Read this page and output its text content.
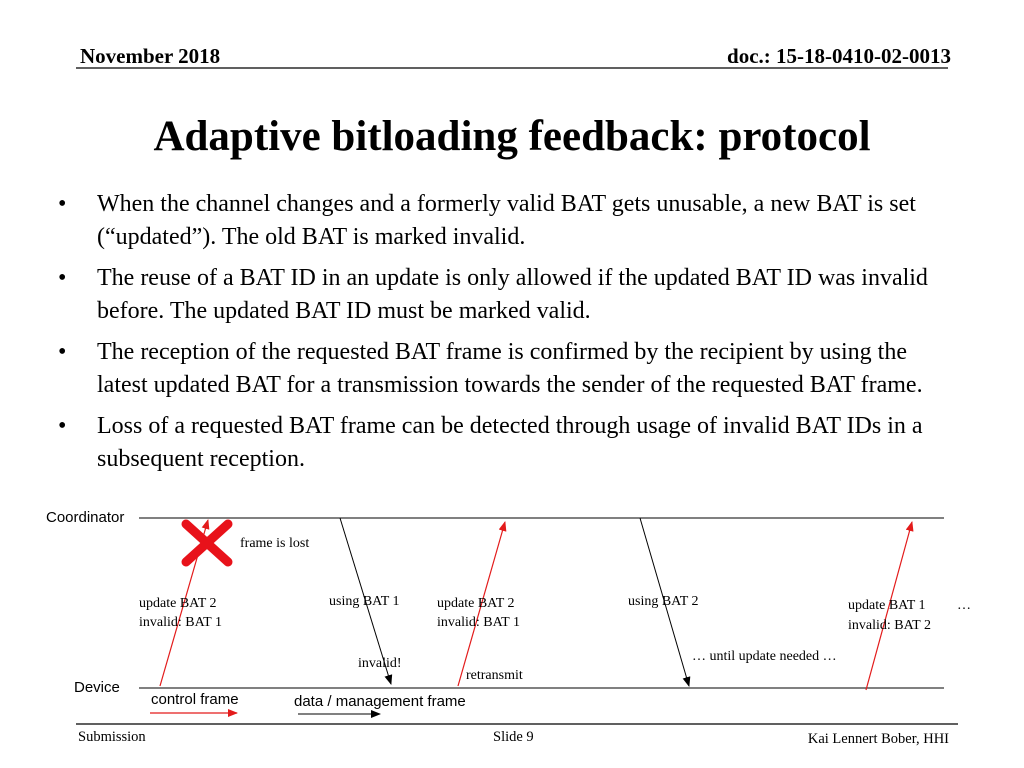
November 2018	doc.: 15-18-0410-02-0013
Adaptive bitloading feedback: protocol
• When the channel changes and a formerly valid BAT gets unusable, a new BAT is set (“updated”). The old BAT is marked invalid.
• The reuse of a BAT ID in an update is only allowed if the updated BAT ID was invalid before. The updated BAT ID must be marked valid.
• The reception of the requested BAT frame is confirmed by the recipient by using the latest updated BAT for a transmission towards the sender of the requested BAT frame.
• Loss of a requested BAT frame can be detected through usage of invalid BAT IDs in a subsequent reception.
Coordinator
Device
frame is lost
update BAT 2
invalid: BAT 1
using BAT 1
invalid!
update BAT 2
invalid: BAT 1
retransmit
using BAT 2
… until update needed …
update BAT 1
invalid: BAT 2
…
control frame	data / management frame
Submission	Slide 9	Kai Lennert Bober, HHI
